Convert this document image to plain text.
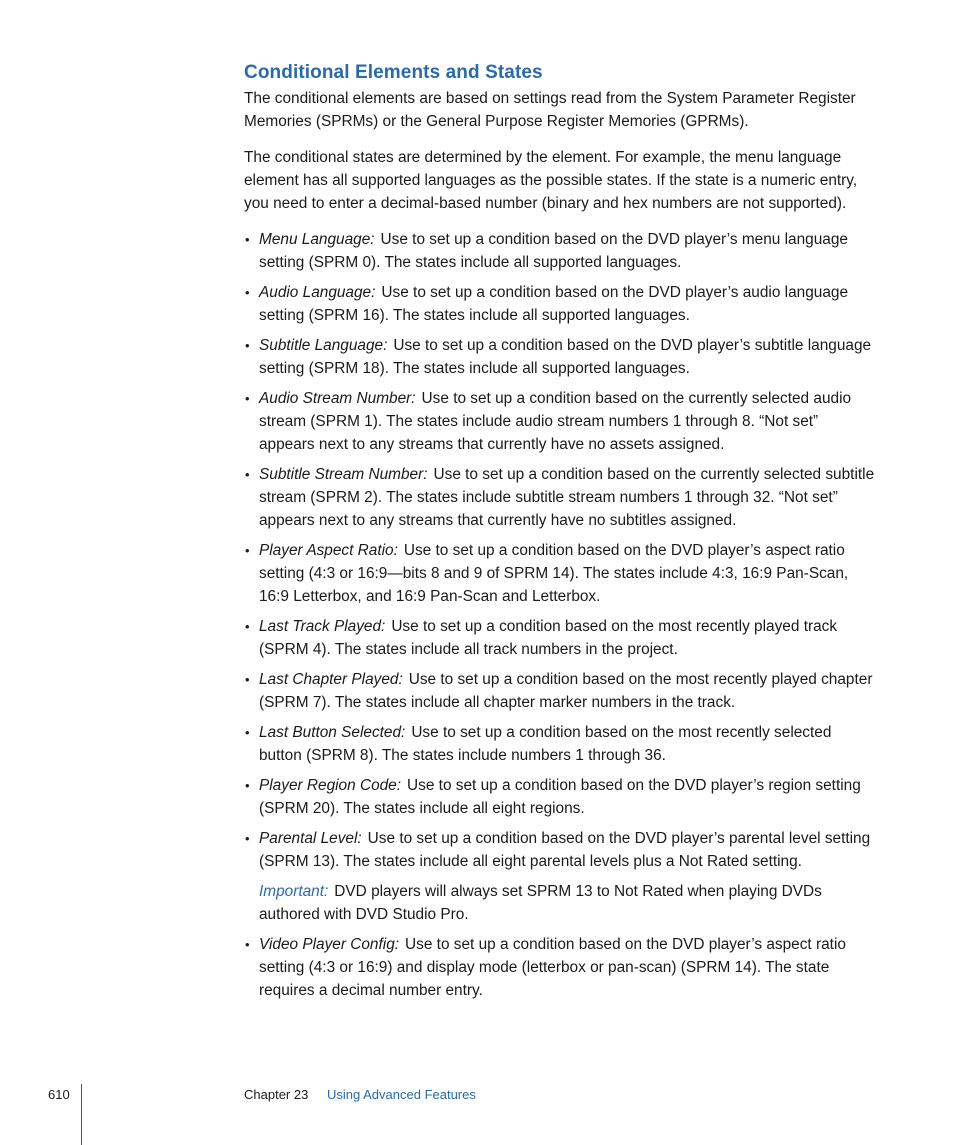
Conditional Elements and States

The conditional elements are based on settings read from the System Parameter Register Memories (SPRMs) or the General Purpose Register Memories (GPRMs).

The conditional states are determined by the element. For example, the menu language element has all supported languages as the possible states. If the state is a numeric entry, you need to enter a decimal-based number (binary and hex numbers are not supported).

• Menu Language: Use to set up a condition based on the DVD player’s menu language setting (SPRM 0). The states include all supported languages.
• Audio Language: Use to set up a condition based on the DVD player’s audio language setting (SPRM 16). The states include all supported languages.
• Subtitle Language: Use to set up a condition based on the DVD player’s subtitle language setting (SPRM 18). The states include all supported languages.
• Audio Stream Number: Use to set up a condition based on the currently selected audio stream (SPRM 1). The states include audio stream numbers 1 through 8. “Not set” appears next to any streams that currently have no assets assigned.
• Subtitle Stream Number: Use to set up a condition based on the currently selected subtitle stream (SPRM 2). The states include subtitle stream numbers 1 through 32. “Not set” appears next to any streams that currently have no subtitles assigned.
• Player Aspect Ratio: Use to set up a condition based on the DVD player’s aspect ratio setting (4:3 or 16:9—bits 8 and 9 of SPRM 14). The states include 4:3, 16:9 Pan-Scan, 16:9 Letterbox, and 16:9 Pan-Scan and Letterbox.
• Last Track Played: Use to set up a condition based on the most recently played track (SPRM 4). The states include all track numbers in the project.
• Last Chapter Played: Use to set up a condition based on the most recently played chapter (SPRM 7). The states include all chapter marker numbers in the track.
• Last Button Selected: Use to set up a condition based on the most recently selected button (SPRM 8). The states include numbers 1 through 36.
• Player Region Code: Use to set up a condition based on the DVD player’s region setting (SPRM 20). The states include all eight regions.
• Parental Level: Use to set up a condition based on the DVD player’s parental level setting (SPRM 13). The states include all eight parental levels plus a Not Rated setting.

Important: DVD players will always set SPRM 13 to Not Rated when playing DVDs authored with DVD Studio Pro.

• Video Player Config: Use to set up a condition based on the DVD player’s aspect ratio setting (4:3 or 16:9) and display mode (letterbox or pan-scan) (SPRM 14). The state requires a decimal number entry.
610	Chapter 23 Using Advanced Features
